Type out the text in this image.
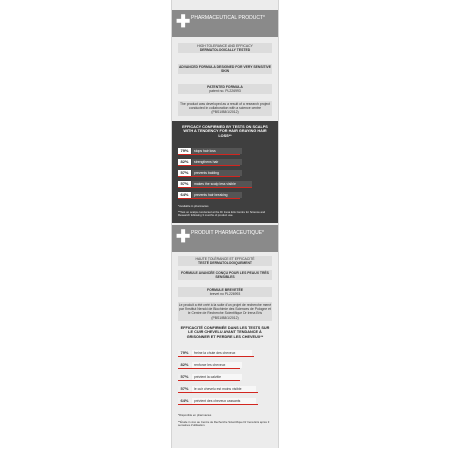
✚ PHARMACEUTICAL PRODUCT*
HIGH TOLERANCE AND EFFICACY

DERMATOLOGICALLY TESTED
ADVANCED FORMULA DESIGNED FOR VERY SENSITIVE SKIN
PATENTED FORMULA
patent no. PL226993
The product was developed as a result of a research project conducted in collaboration with a science centre (PBS1/B8/1/2012)
EFFICACY CONFIRMED BY TESTS ON SCALPS WITH A TENDENCY FOR HAIR GRAYING HAIR LOSS**
79%	stops hair loss
82%	strengthens hair
57%	prevents balding
57%	makes the scalp less visible
64%	prevents hair breaking
*Available in pharmacies
**Test on scalps conducted at the Dr Irena Eris Centre for Science and Research following 3 months of product use.
✚ PRODUIT PHARMACEUTIQUE*
HAUTE TOLÉRANCE ET EFFICACITÉ

TESTÉ DERMATOLOGIQUEMENT
FORMULE AVANCÉE CONÇU POUR LES PEAUX TRÈS SENSIBLES
FORMULE BREVETÉE
brevet no PL226993
Le produit a été créé à la suite d'un projet de recherche mené par l'Institut Nencki de Biochimie des Sciences de Pologne et le Centre de Recherche Scientifique Dr Irena Eris (PBS1/B8/1/2012)
EFFICACITÉ CONFIRMÉE DANS LES TESTS SUR LE CUIR CHEVELU AYANT TENDANCE À GRISONNER ET PERDRE LES CHEVEUX**
79%	freine la chute des cheveux
82%	renforce les cheveux
57%	prévient la calvitie
57%	le cuir chevelu est moins visible
64%	prévient des cheveux cassants
*Disponible en pharmacies
**Étude in vivo au Centre de Recherche Scientifique Dr Irena Eris après 3 semaines d'utilisation.
